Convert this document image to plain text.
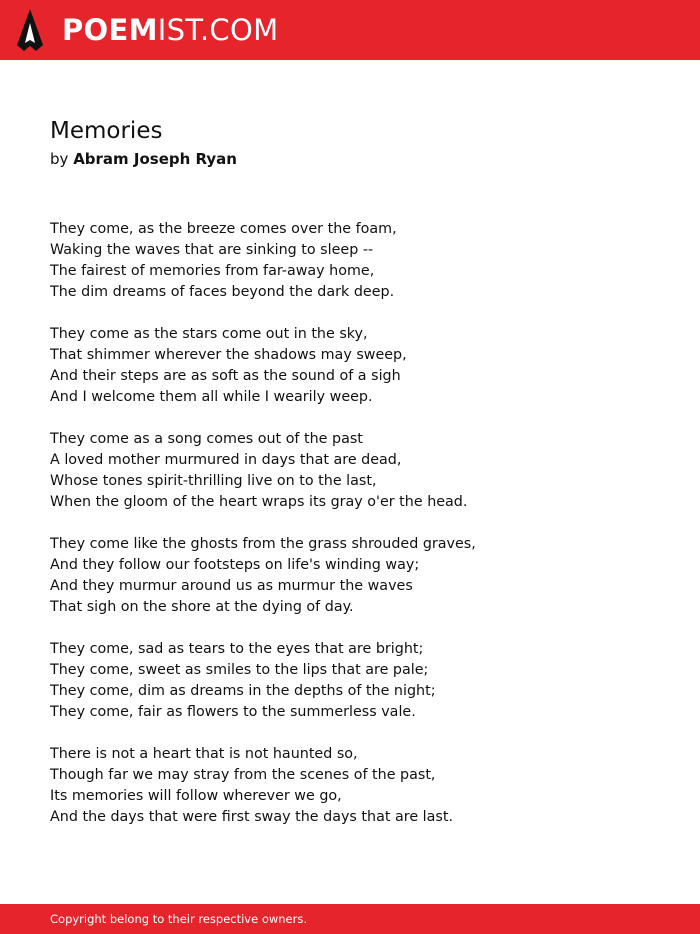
POEMIST.COM
Memories
by Abram Joseph Ryan
They come, as the breeze comes over the foam,
Waking the waves that are sinking to sleep --
The fairest of memories from far-away home,
The dim dreams of faces beyond the dark deep.
They come as the stars come out in the sky,
That shimmer wherever the shadows may sweep,
And their steps are as soft as the sound of a sigh
And I welcome them all while I wearily weep.
They come as a song comes out of the past
A loved mother murmured in days that are dead,
Whose tones spirit-thrilling live on to the last,
When the gloom of the heart wraps its gray o'er the head.
They come like the ghosts from the grass shrouded graves,
And they follow our footsteps on life's winding way;
And they murmur around us as murmur the waves
That sigh on the shore at the dying of day.
They come, sad as tears to the eyes that are bright;
They come, sweet as smiles to the lips that are pale;
They come, dim as dreams in the depths of the night;
They come, fair as flowers to the summerless vale.
There is not a heart that is not haunted so,
Though far we may stray from the scenes of the past,
Its memories will follow wherever we go,
And the days that were first sway the days that are last.
Copyright belong to their respective owners.
